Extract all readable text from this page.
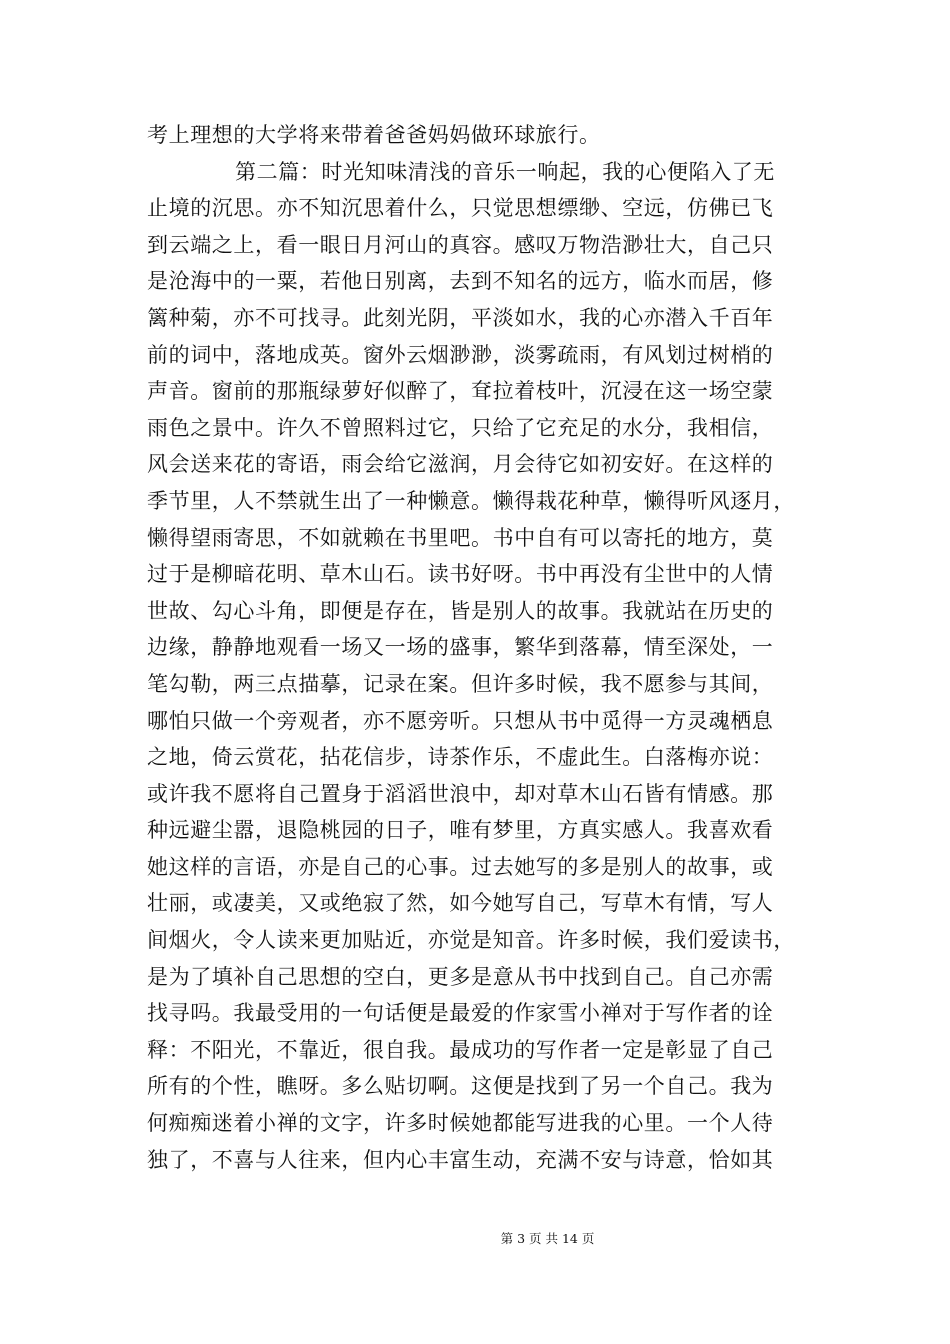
考上理想的大学将来带着爸爸妈妈做环球旅行。
第二篇：时光知味清浅的音乐一响起，我的心便陷入了无
止境的沉思。亦不知沉思着什么，只觉思想缥缈、空远，仿佛已飞
到云端之上，看一眼日月河山的真容。感叹万物浩渺壮大，自己只
是沧海中的一粟，若他日别离，去到不知名的远方，临水而居，修
篱种菊，亦不可找寻。此刻光阴，平淡如水，我的心亦潜入千百年
前的词中，落地成英。窗外云烟渺渺，淡雾疏雨，有风划过树梢的
声音。窗前的那瓶绿萝好似醉了，耷拉着枝叶，沉浸在这一场空蒙
雨色之景中。许久不曾照料过它，只给了它充足的水分，我相信，
风会送来花的寄语，雨会给它滋润，月会待它如初安好。在这样的
季节里，人不禁就生出了一种懒意。懒得栽花种草，懒得听风逐月，
懒得望雨寄思，不如就赖在书里吧。书中自有可以寄托的地方，莫
过于是柳暗花明、草木山石。读书好呀。书中再没有尘世中的人情
世故、勾心斗角，即便是存在，皆是别人的故事。我就站在历史的
边缘，静静地观看一场又一场的盛事，繁华到落幕，情至深处，一
笔勾勒，两三点描摹，记录在案。但许多时候，我不愿参与其间，
哪怕只做一个旁观者，亦不愿旁听。只想从书中觅得一方灵魂栖息
之地，倚云赏花，拈花信步，诗茶作乐，不虚此生。白落梅亦说：
或许我不愿将自己置身于滔滔世浪中，却对草木山石皆有情感。那
种远避尘嚣，退隐桃园的日子，唯有梦里，方真实感人。我喜欢看
她这样的言语，亦是自己的心事。过去她写的多是别人的故事，或
壮丽，或凄美，又或绝寂了然，如今她写自己，写草木有情，写人
间烟火，令人读来更加贴近，亦觉是知音。许多时候，我们爱读书，
是为了填补自己思想的空白，更多是意从书中找到自己。自己亦需
找寻吗。我最受用的一句话便是最爱的作家雪小禅对于写作者的诠
释：不阳光，不靠近，很自我。最成功的写作者一定是彰显了自己
所有的个性，瞧呀。多么贴切啊。这便是找到了另一个自己。我为
何痴痴迷着小禅的文字，许多时候她都能写进我的心里。一个人待
独了，不喜与人往来，但内心丰富生动，充满不安与诗意，恰如其
第 3 页 共 14 页
